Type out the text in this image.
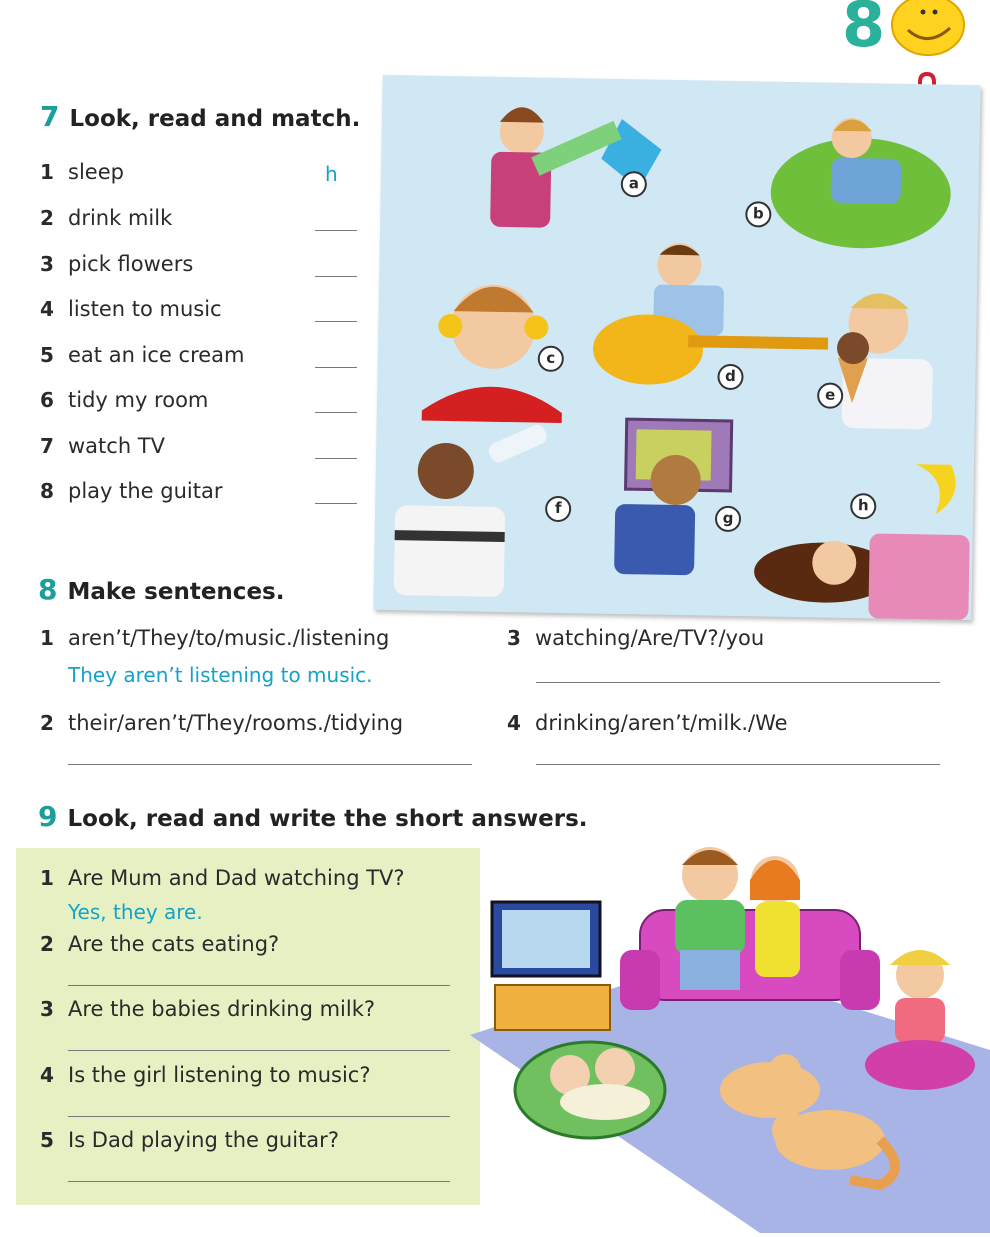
8
7 Look, read and match.
1 sleep	h
2 drink milk
3 pick flowers
4 listen to music
5 eat an ice cream
6 tidy my room
7 watch TV
8 play the guitar
a
b
c
d
e
f
g
h
8 Make sentences.
1 aren’t/They/to/music./listening
They aren’t listening to music.
2 their/aren’t/They/rooms./tidying
3 watching/Are/TV?/you
4 drinking/aren’t/milk./We
9 Look, read and write the short answers.
1 Are Mum and Dad watching TV?
Yes, they are.
2 Are the cats eating?
3 Are the babies drinking milk?
4 Is the girl listening to music?
5 Is Dad playing the guitar?
